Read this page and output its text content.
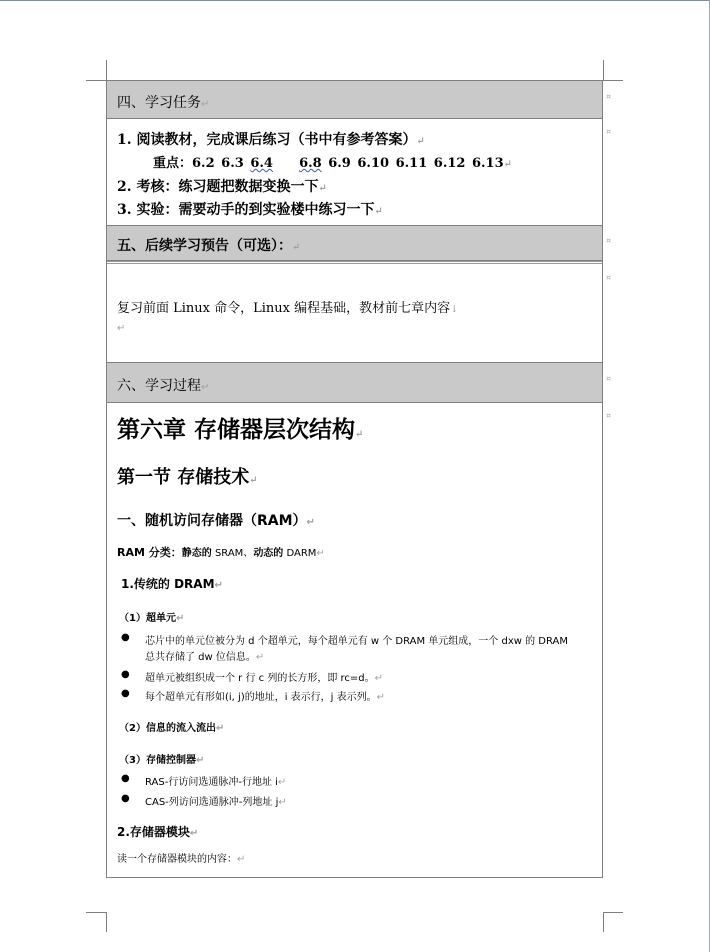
¤
¤
¤
¤
¤
¤
四、学习任务↵
1. 阅读教材，完成课后练习（书中有参考答案）↵
重点：6.2 6.3 6.4 6.8 6.9 6.10 6.11 6.12 6.13↵
2. 考核：练习题把数据变换一下↵
3. 实验：需要动手的到实验楼中练习一下↵
五、后续学习预告（可选）：↵
复习前面 Linux 命令，Linux 编程基础，教材前七章内容↓
↵
六、学习过程↵
第六章 存储器层次结构↵
第一节 存储技术↵
一、随机访问存储器（RAM）↵
RAM 分类：静态的 SRAM、动态的 DARM↵
1.传统的 DRAM↵
（1）超单元↵
● 芯片中的单元位被分为 d 个超单元，每个超单元有 w 个 DRAM 单元组成，一个 dxw 的 DRAM
总共存储了 dw 位信息。↵
● 超单元被组织成一个 r 行 c 列的长方形，即 rc=d。↵
● 每个超单元有形如(i, j)的地址，i 表示行，j 表示列。↵
（2）信息的流入流出↵
（3）存储控制器↵
● RAS-行访问选通脉冲-行地址 i↵
● CAS-列访问选通脉冲-列地址 j↵
2.存储器模块↵
读一个存储器模块的内容：↵
